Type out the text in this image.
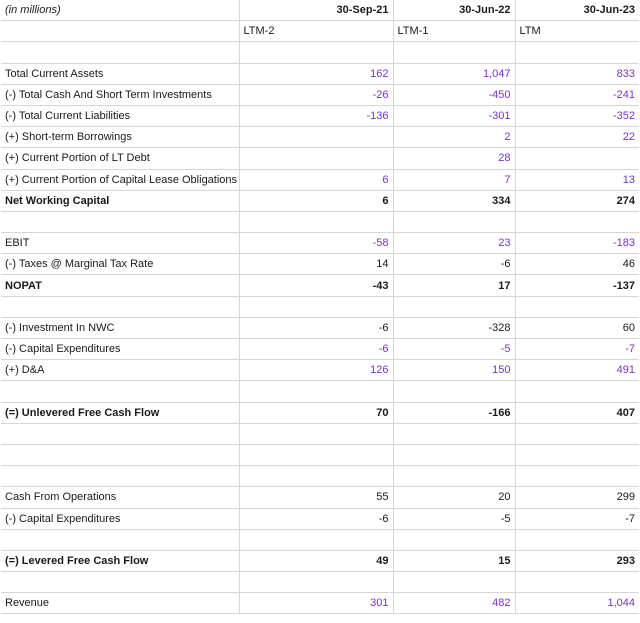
(in millions)	30-Sep-21	30-Jun-22	30-Jun-23
	LTM-2	LTM-1	LTM

Total Current Assets	162	1,047	833
(-) Total Cash And Short Term Investments	-26	-450	-241
(-) Total Current Liabilities	-136	-301	-352
(+) Short-term Borrowings		2	22
(+) Current Portion of LT Debt		28	
(+) Current Portion of Capital Lease Obligations	6	7	13
Net Working Capital	6	334	274

EBIT	-58	23	-183
(-) Taxes @ Marginal Tax Rate	14	-6	46
NOPAT	-43	17	-137

(-) Investment In NWC	-6	-328	60
(-) Capital Expenditures	-6	-5	-7
(+) D&A	126	150	491

(=) Unlevered Free Cash Flow	70	-166	407

Cash From Operations	55	20	299
(-) Capital Expenditures	-6	-5	-7

(=) Levered Free Cash Flow	49	15	293

Revenue	301	482	1,044
